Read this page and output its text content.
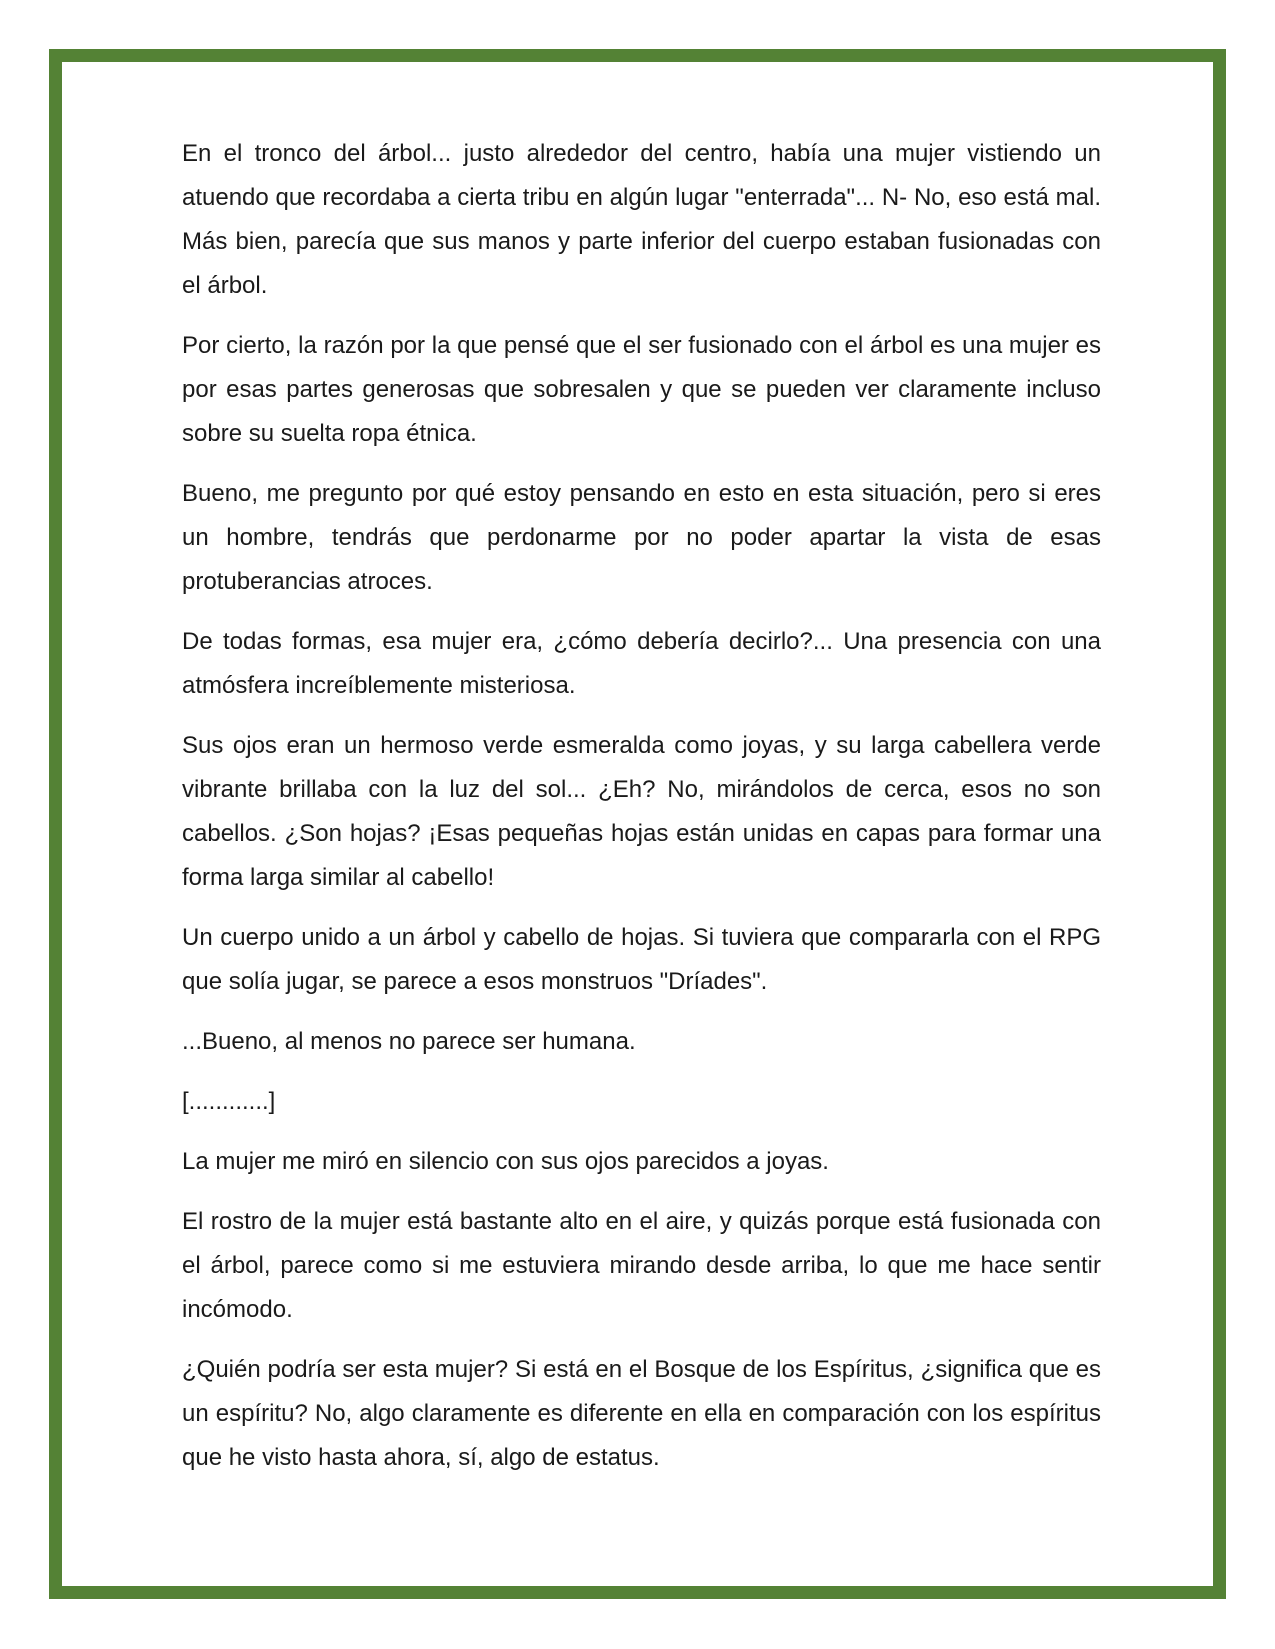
En el tronco del árbol... justo alrededor del centro, había una mujer vistiendo un atuendo que recordaba a cierta tribu en algún lugar "enterrada"... N- No, eso está mal. Más bien, parecía que sus manos y parte inferior del cuerpo estaban fusionadas con el árbol.

Por cierto, la razón por la que pensé que el ser fusionado con el árbol es una mujer es por esas partes generosas que sobresalen y que se pueden ver claramente incluso sobre su suelta ropa étnica.

Bueno, me pregunto por qué estoy pensando en esto en esta situación, pero si eres un hombre, tendrás que perdonarme por no poder apartar la vista de esas protuberancias atroces.

De todas formas, esa mujer era, ¿cómo debería decirlo?... Una presencia con una atmósfera increíblemente misteriosa.

Sus ojos eran un hermoso verde esmeralda como joyas, y su larga cabellera verde vibrante brillaba con la luz del sol... ¿Eh? No, mirándolos de cerca, esos no son cabellos. ¿Son hojas? ¡Esas pequeñas hojas están unidas en capas para formar una forma larga similar al cabello!

Un cuerpo unido a un árbol y cabello de hojas. Si tuviera que compararla con el RPG que solía jugar, se parece a esos monstruos "Dríades".

...Bueno, al menos no parece ser humana.

[............]

La mujer me miró en silencio con sus ojos parecidos a joyas.

El rostro de la mujer está bastante alto en el aire, y quizás porque está fusionada con el árbol, parece como si me estuviera mirando desde arriba, lo que me hace sentir incómodo.

¿Quién podría ser esta mujer? Si está en el Bosque de los Espíritus, ¿significa que es un espíritu? No, algo claramente es diferente en ella en comparación con los espíritus que he visto hasta ahora, sí, algo de estatus.
